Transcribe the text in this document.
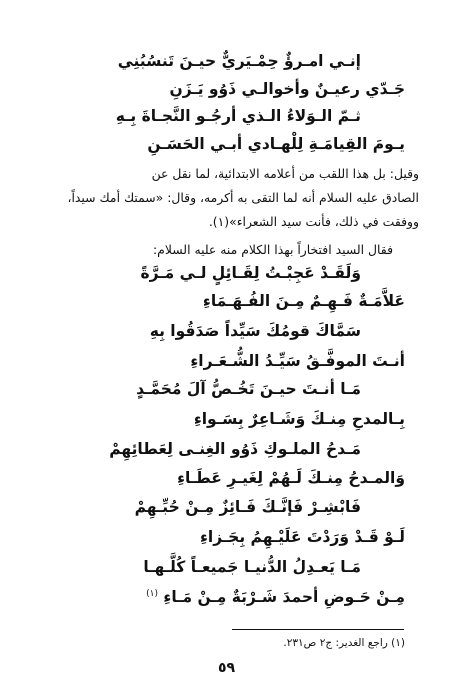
إنـي امـرؤٌ حِمْـيَريٌّ حيـنَ تَنسُبُنِي
جَـدّي رعيـنٌ وأخوالـي ذَوُو يَـزَنِ
ثـمّ الـوَلاءُ الـذي أرجُـو النَّجـاةَ بِـهِ
يـومَ القِيامَـةِ لِلْهـادي أبـي الحَسَـنِ
وقيل: بل هذا اللقب من أعلامه الابتدائية، لما نقل عن
الصادق عليه السلام أنه لما التقى به أكرمه، وقال: «سمتك أمك سيداً،
ووفقت في ذلك، فأنت سيد الشعراء»(١).
فقال السيد افتخاراً بهذا الكلام منه عليه السلام:
وَلَقَـدْ عَجِبْـتُ لِقَـائِلٍ لـي مَـرَّةً
عَلاَّمَـةٌ فَـهِـمٌ مِـنَ الفُـهَـمَاءِ
سَمَّاكَ قومُكَ سَيِّداً صَدَقُوا بِهِ
أنـتَ الموفَّـقُ سَيِّـدُ الشُّـعَـراءِ
مَـا أنـتَ حيـنَ تَخُـصُّ آلَ مُحَمَّـدٍ
بِـالمدحِ مِنـكَ وَشَـاعِرٌ بِسَـواءِ
مَـدحُ الملـوكِ ذَوُو الغِنـى لِعَطائِهِمْ
وَالمـدحُ مِنـكَ لَـهُمْ لِغَيـرِ عَطَـاءِ
فَابْشِـرْ فَإنَّـكَ فَـائِزٌ مِـنْ حُبِّـهِمْ
لَـوْ قَـدْ وَرَدْتَ عَلَيْـهِمُ بِجَـزاءِ
مَـا يَعـدِلُ الدُّنيـا جَميعـاً كُلَّـهـا
مِـنْ حَـوضِ أحمدَ شَـرْبَةٌ مِـنْ مَـاءِ $^{(١)}$
(١) راجع الغدير: ج٢ ص٢٣١.
٥٩
